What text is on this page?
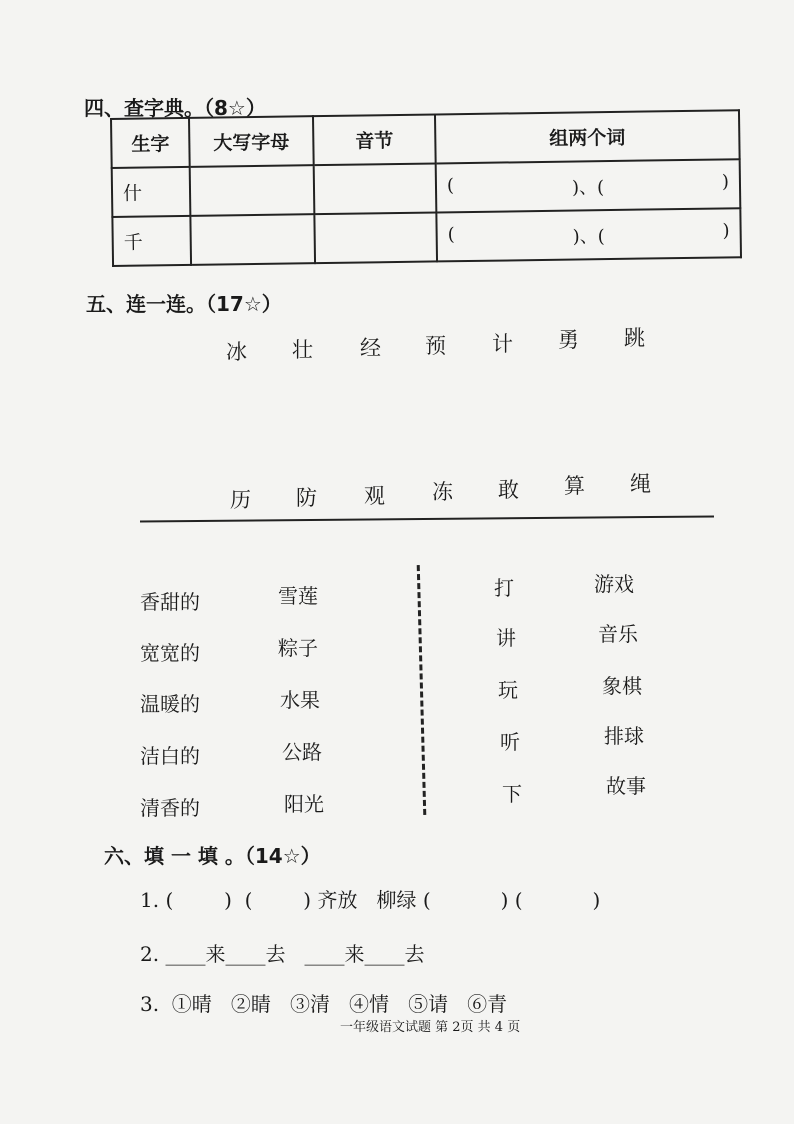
四、查字典。（8☆）
生字	大写字母	音节	组两个词
什			( )、( )

千			( )、( )
五、连一连。（17☆）
冰 壮 经 预 计 勇 跳
历 防 观 冻 敢 算 绳
香甜的
宽宽的
温暖的
洁白的
清香的
雪莲
粽子
水果
公路
阳光
打
讲
玩
听
下
游戏
音乐
象棋
排球
故事
六、填 一 填 。（14☆）
1. (        )  (        ) 齐放   柳绿 (           ) (           )
2. ____来____去   ____来____去
3.  ①晴   ②睛   ③清   ④情   ⑤请   ⑥青
一年级语文试题 第 2页 共 4 页
